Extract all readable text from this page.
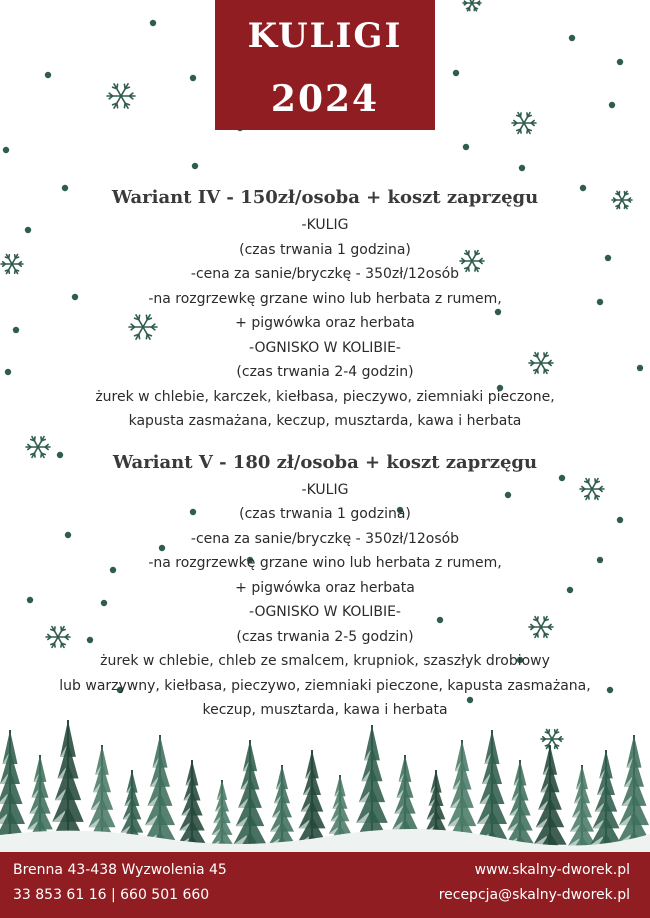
KULIGI
2024
Wariant IV - 150zł/osoba + koszt zaprzęgu
-KULIG
(czas trwania 1 godzina)
-cena za sanie/bryczkę - 350zł/12osób
-na rozgrzewkę grzane wino lub herbata z rumem,
+ pigwówka oraz herbata
-OGNISKO W KOLIBIE-
(czas trwania 2-4 godzin)
żurek w chlebie, karczek, kiełbasa, pieczywo, ziemniaki pieczone,
kapusta zasmażana, keczup, musztarda, kawa i herbata
Wariant V - 180 zł/osoba + koszt zaprzęgu
-KULIG
(czas trwania 1 godzina)
-cena za sanie/bryczkę - 350zł/12osób
-na rozgrzewkę grzane wino lub herbata z rumem,
+ pigwówka oraz herbata
-OGNISKO W KOLIBIE-
(czas trwania 2-5 godzin)
żurek w chlebie, chleb ze smalcem, krupniok, szaszłyk drobiowy
lub warzywny, kiełbasa, pieczywo, ziemniaki pieczone, kapusta zasmażana,
keczup, musztarda, kawa i herbata
Brenna 43-438 Wyzwolenia 45
33 853 61 16 | 660 501 660
www.skalny-dworek.pl
recepcja@skalny-dworek.pl
